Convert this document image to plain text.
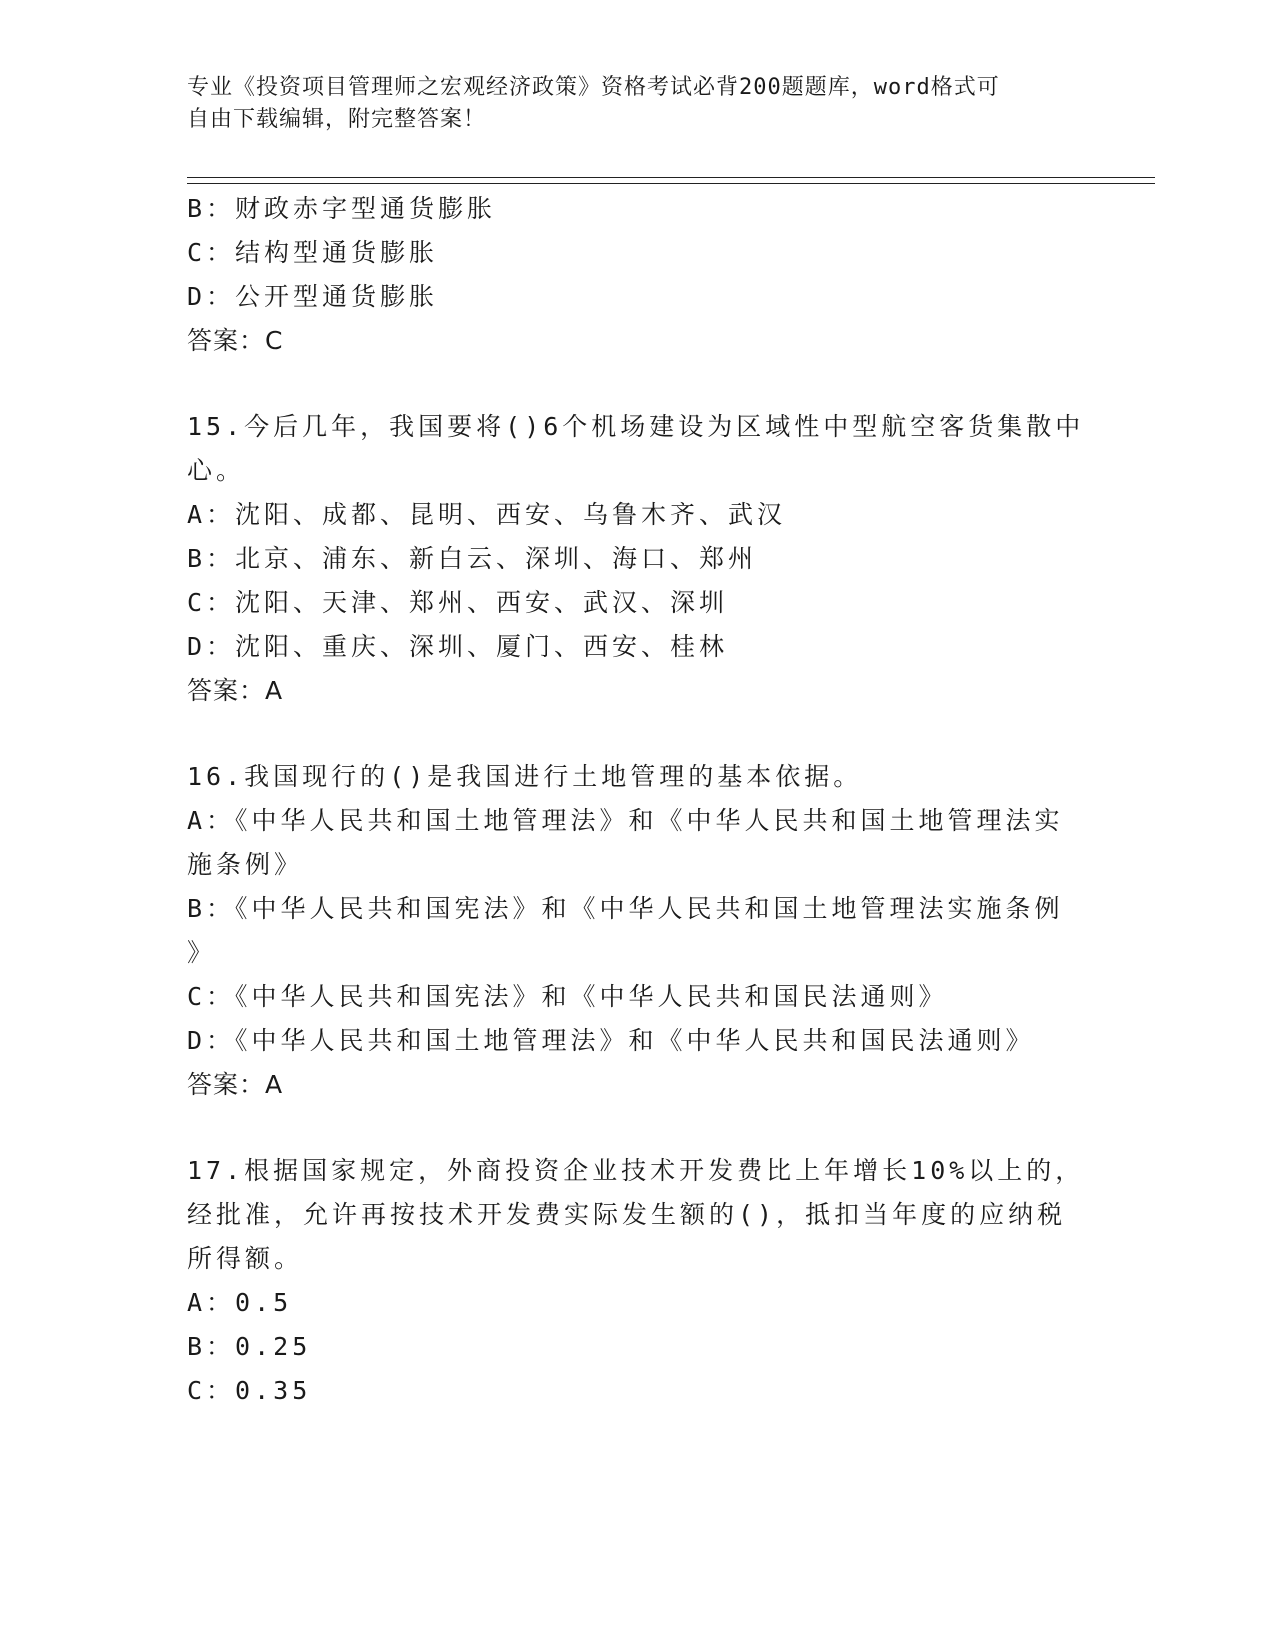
专业《投资项目管理师之宏观经济政策》资格考试必背200题题库，word格式可
自由下载编辑，附完整答案！
B：财政赤字型通货膨胀
C：结构型通货膨胀
D：公开型通货膨胀
答案：C
15.今后几年，我国要将()6个机场建设为区域性中型航空客货集散中
心。
A：沈阳、成都、昆明、西安、乌鲁木齐、武汉
B：北京、浦东、新白云、深圳、海口、郑州
C：沈阳、天津、郑州、西安、武汉、深圳
D：沈阳、重庆、深圳、厦门、西安、桂林
答案：A
16.我国现行的()是我国进行土地管理的基本依据。
A：《中华人民共和国土地管理法》和《中华人民共和国土地管理法实
施条例》
B：《中华人民共和国宪法》和《中华人民共和国土地管理法实施条例
》
C：《中华人民共和国宪法》和《中华人民共和国民法通则》
D：《中华人民共和国土地管理法》和《中华人民共和国民法通则》
答案：A
17.根据国家规定，外商投资企业技术开发费比上年增长10%以上的，
经批准，允许再按技术开发费实际发生额的()，抵扣当年度的应纳税
所得额。
A：0.5
B：0.25
C：0.35
